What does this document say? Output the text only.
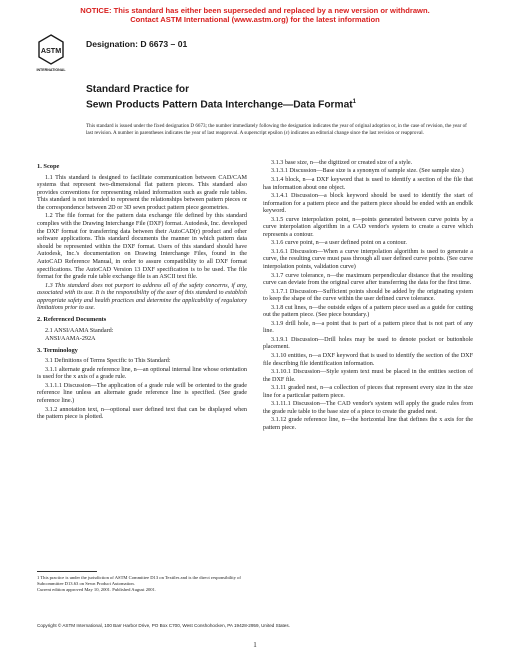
NOTICE: This standard has either been superseded and replaced by a new version or withdrawn.
Contact ASTM International (www.astm.org) for the latest information
ASTM
INTERNATIONAL
Designation: D 6673 – 01
Standard Practice for
Sewn Products Pattern Data Interchange—Data Format$^1$
This standard is issued under the fixed designation D 6673; the number immediately following the designation indicates the year of original adoption or, in the case of revision, the year of last revision. A number in parentheses indicates the year of last reapproval. A superscript epsilon (ε) indicates an editorial change since the last revision or reapproval.
1. Scope

1.1 This standard is designed to facilitate communication between CAD/CAM systems that represent two-dimensional flat pattern pieces. This standard also provides conventions for representing related information such as grade rule tables. This standard is not intended to represent the relationships between pattern pieces or the correspondence between 2D or 3D sewn product pattern piece geometries.

1.2 The file format for the pattern data exchange file defined by this standard complies with the Drawing Interchange File (DXF) format. Autodesk, Inc. developed the DXF format for transferring data between their AutoCAD(r) product and other software applications. This standard documents the manner in which pattern data should be represented within the DXF format. Users of this standard should have Autodesk, Inc.'s documentation on Drawing Interchange Files, found in the AutoCAD Reference Manual, in order to assure compatibility to all DXF format specifications. The AutoCAD Version 13 DXF specification is to be used. The file format for the grade rule table exchange file is an ASCII text file.

1.3 This standard does not purport to address all of the safety concerns, if any, associated with its use. It is the responsibility of the user of this standard to establish appropriate safety and health practices and determine the applicability of regulatory limitations prior to use.

2. Referenced Documents

2.1 ANSI/AAMA Standard:

ANSI/AAMA-292A
3. Terminology

3.1 Definitions of Terms Specific to This Standard:

3.1.1 alternate grade reference line, n—an optional internal line whose orientation is used for the x axis of a grade rule.

3.1.1.1 Discussion—The application of a grade rule will be oriented to the grade reference line unless an alternate grade reference line is specified. (See grade reference line.)

3.1.2 annotation text, n—optional user defined text that can be displayed when the pattern piece is plotted.

3.1.3 base size, n—the digitized or created size of a style.

3.1.3.1 Discussion—Base size is a synonym of sample size. (See sample size.)

3.1.4 block, n—a DXF keyword that is used to identify a section of the file that has information about one object.

3.1.4.1 Discussion—a block keyword should be used to identify the start of information for a pattern piece and the pattern piece should be ended with an endblk keyword.

3.1.5 curve interpolation point, n—points generated between curve points by a curve interpolation algorithm in a CAD vendor's system to create a curve which represents a contour.

3.1.6 curve point, n—a user defined point on a contour.

3.1.6.1 Discussion—When a curve interpolation algorithm is used to generate a curve, the resulting curve must pass through all user defined curve points. (See curve interpolation points, validation curve)

3.1.7 curve tolerance, n—the maximum perpendicular distance that the resulting curve can deviate from the original curve after transferring the data for the first time.

3.1.7.1 Discussion—Sufficient points should be added by the originating system to keep the shape of the curve within the user defined curve tolerance.

3.1.8 cut lines, n—the outside edges of a pattern piece used as a guide for cutting out the pattern piece. (See piece boundary.)

3.1.9 drill hole, n—a point that is part of a pattern piece that is not part of any line.

3.1.9.1 Discussion—Drill holes may be used to denote pocket or buttonhole placement.

3.1.10 entities, n—a DXF keyword that is used to identify the section of the DXF file describing file identification information.

3.1.10.1 Discussion—Style system text must be placed in the entities section of the DXF file.

3.1.11 graded nest, n—a collection of pieces that represent every size in the size line for a particular pattern piece.

3.1.11.1 Discussion—The CAD vendor's system will apply the grade rules from the grade rule table to the base size of a piece to create the graded nest.

3.1.12 grade reference line, n—the horizontal line that defines the x axis for the pattern piece.

1 This practice is under the jurisdiction of ASTM Committee D13 on Textiles and is the direct responsibility of Subcommittee D13.63 on Sewn Product Automation.
Current edition approved May 10, 2001. Published August 2001.
Copyright © ASTM International, 100 Barr Harbor Drive, PO Box C700, West Conshohocken, PA 19428-2959, United States.
1
